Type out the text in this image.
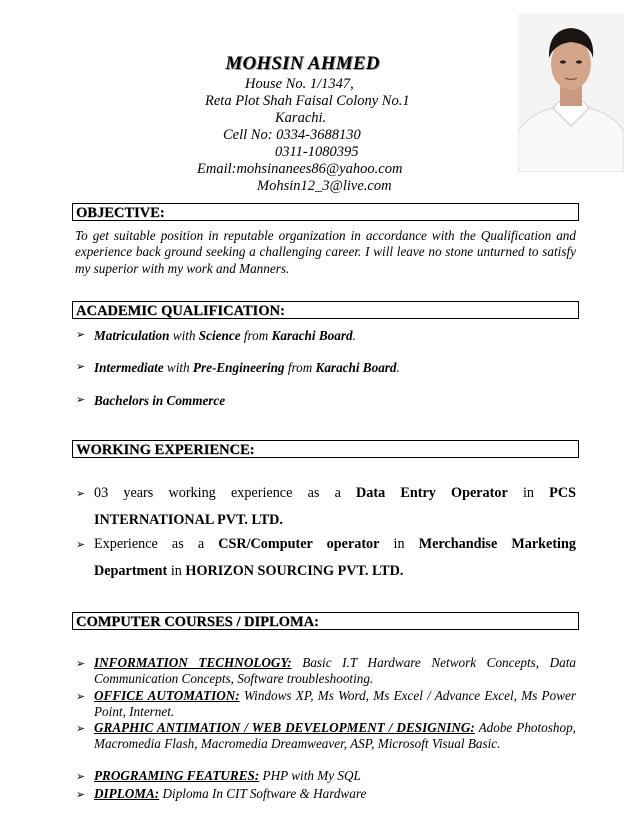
MOHSIN AHMED
House No. 1/1347,
Reta Plot Shah Faisal Colony No.1
Karachi.
Cell No: 0334-3688130
0311-1080395
Email:mohsinanees86@yahoo.com
Mohsin12_3@live.com
OBJECTIVE:
To get suitable position in reputable organization in accordance with the Qualification and experience back ground seeking a challenging career. I will leave no stone unturned to satisfy my superior with my work and Manners.
ACADEMIC QUALIFICATION:
➢ Matriculation with Science from Karachi Board.
➢ Intermediate with Pre-Engineering from Karachi Board.
➢ Bachelors in Commerce
WORKING EXPERIENCE:
➢ 03 years working experience as a Data Entry Operator in PCS INTERNATIONAL PVT. LTD.
➢ Experience as a CSR/Computer operator in Merchandise Marketing Department in HORIZON SOURCING PVT. LTD.
COMPUTER COURSES / DIPLOMA:
➢ INFORMATION TECHNOLOGY: Basic I.T Hardware Network Concepts, Data Communication Concepts, Software troubleshooting.
➢ OFFICE AUTOMATION: Windows XP, Ms Word, Ms Excel / Advance Excel, Ms Power Point, Internet.
➢ GRAPHIC ANTIMATION / WEB DEVELOPMENT / DESIGNING: Adobe Photoshop, Macromedia Flash, Macromedia Dreamweaver, ASP, Microsoft Visual Basic.
➢ PROGRAMING FEATURES: PHP with My SQL
➢ DIPLOMA: Diploma In CIT Software & Hardware
